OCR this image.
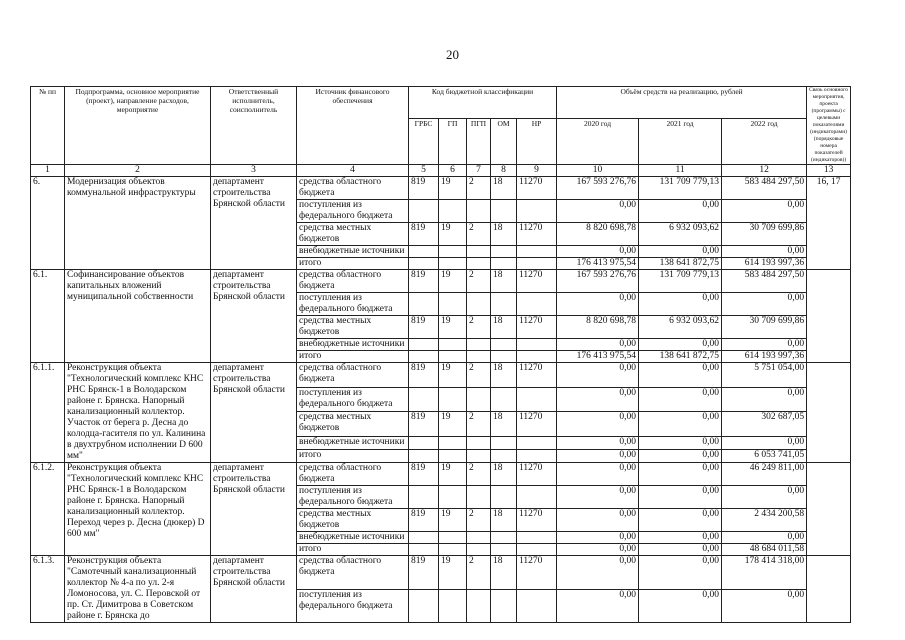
20
№ пп	Подпрограмма, основное мероприятие (проект), направление расходов, мероприятие	Ответственный исполнитель, соисполнитель	Источник финансового обеспечения	Код бюджетной классификации					Объём средств на реализацию, рублей			Связь основного мероприятия, проекта (программы) с целевыми показателями (индикаторами) (порядковые номера показателей (индикаторов))
				ГРБС	ГП	ПГП	ОМ	НР	2020 год	2021 год	2022 год	
1	2	3	4	5	6	7	8	9	10	11	12	13
6.	Модернизация объектов коммунальной инфраструктуры	департамент строительства Брянской области	средства областного бюджета	819	19	2	18	11270	167 593 276,76	131 709 779,13	583 484 297,50	16, 17
			поступления из федерального бюджета						0,00	0,00	0,00	
			средства местных бюджетов	819	19	2	18	11270	8 820 698,78	6 932 093,62	30 709 699,86	
			внебюджетные источники						0,00	0,00	0,00	
			итого						176 413 975,54	138 641 872,75	614 193 997,36	
6.1.	Софинансирование объектов капитальных вложений муниципальной собственности	департамент строительства Брянской области	средства областного бюджета	819	19	2	18	11270	167 593 276,76	131 709 779,13	583 484 297,50	
			поступления из федерального бюджета						0,00	0,00	0,00	
			средства местных бюджетов	819	19	2	18	11270	8 820 698,78	6 932 093,62	30 709 699,86	
			внебюджетные источники						0,00	0,00	0,00	
			итого						176 413 975,54	138 641 872,75	614 193 997,36	
6.1.1.	Реконструкция объекта "Технологический комплекс КНС РНС Брянск-1 в Володарском районе г. Брянска. Напорный канализационный коллектор. Участок от берега р. Десна до колодца-гасителя по ул. Калинина в двухтрубном исполнении D 600 мм"	департамент строительства Брянской области	средства областного бюджета	819	19	2	18	11270	0,00	0,00	5 751 054,00	
			поступления из федерального бюджета						0,00	0,00	0,00	
			средства местных бюджетов	819	19	2	18	11270	0,00	0,00	302 687,05	
			внебюджетные источники						0,00	0,00	0,00	
			итого						0,00	0,00	6 053 741,05	
6.1.2.	Реконструкция объекта "Технологический комплекс КНС РНС Брянск-1 в Володарском районе г. Брянска. Напорный канализационный коллектор. Переход через р. Десна (дюкер) D 600 мм"	департамент строительства Брянской области	средства областного бюджета	819	19	2	18	11270	0,00	0,00	46 249 811,00	
			поступления из федерального бюджета						0,00	0,00	0,00	
			средства местных бюджетов	819	19	2	18	11270	0,00	0,00	2 434 200,58	
			внебюджетные источники						0,00	0,00	0,00	
			итого						0,00	0,00	48 684 011,58	
6.1.3.	Реконструкция объекта "Самотечный канализационный коллектор № 4-а по ул. 2-я Ломоносова, ул. С. Перовской от пр. Ст. Димитрова в Советском районе г. Брянска до	департамент строительства Брянской области	средства областного бюджета	819	19	2	18	11270	0,00	0,00	178 414 318,00	
			поступления из федерального бюджета						0,00	0,00	0,00	
